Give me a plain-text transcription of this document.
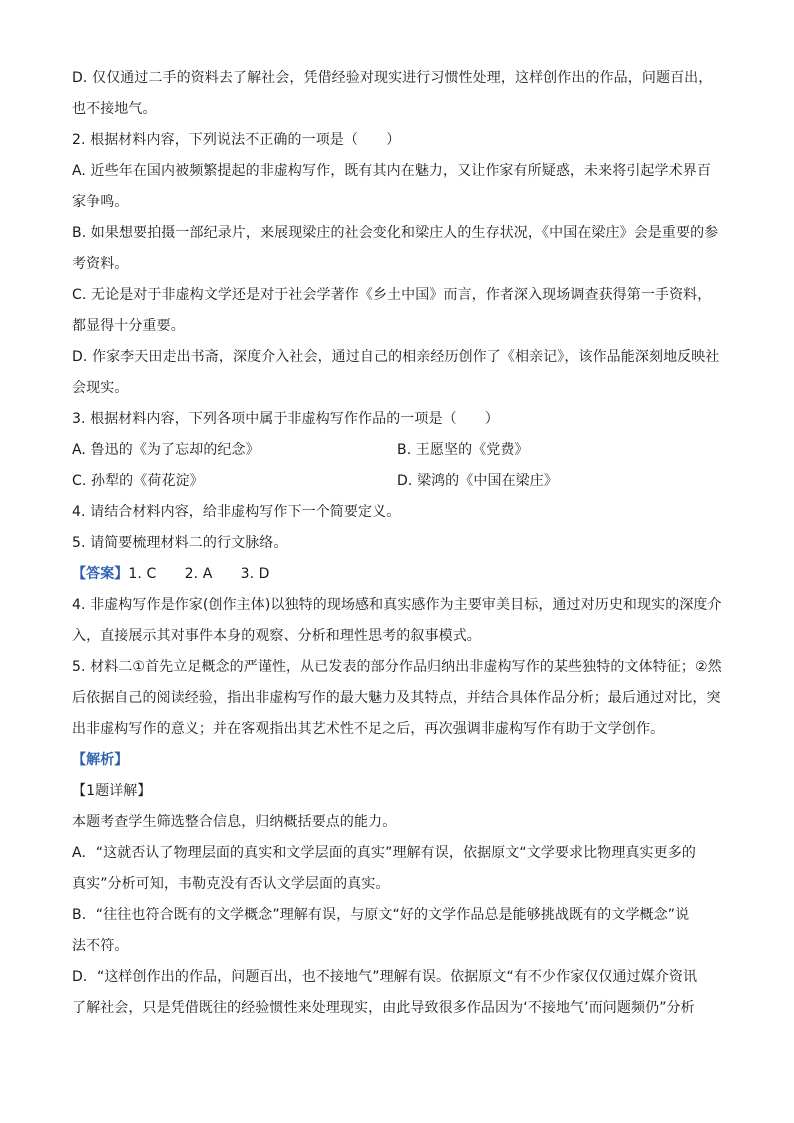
D. 仅仅通过二手的资料去了解社会，凭借经验对现实进行习惯性处理，这样创作出的作品，问题百出，
也不接地气。
2. 根据材料内容，下列说法不正确的一项是（　　）
A. 近些年在国内被频繁提起的非虚构写作，既有其内在魅力，又让作家有所疑惑，未来将引起学术界百
家争鸣。
B. 如果想要拍摄一部纪录片，来展现梁庄的社会变化和梁庄人的生存状况，《中国在梁庄》会是重要的参
考资料。
C. 无论是对于非虚构文学还是对于社会学著作《乡土中国》而言，作者深入现场调查获得第一手资料，
都显得十分重要。
D. 作家李天田走出书斋，深度介入社会，通过自己的相亲经历创作了《相亲记》，该作品能深刻地反映社
会现实。
3. 根据材料内容，下列各项中属于非虚构写作作品的一项是（　　）
A. 鲁迅的《为了忘却的纪念》	B. 王愿坚的《党费》
C. 孙犁的《荷花淀》	D. 梁鸿的《中国在梁庄》
4. 请结合材料内容，给非虚构写作下一个简要定义。
5. 请简要梳理材料二的行文脉络。
【答案】1. C　　2. A　　3. D
4. 非虚构写作是作家(创作主体)以独特的现场感和真实感作为主要审美目标，通过对历史和现实的深度介
入，直接展示其对事件本身的观察、分析和理性思考的叙事模式。
5. 材料二①首先立足概念的严谨性，从已发表的部分作品归纳出非虚构写作的某些独特的文体特征；②然
后依据自己的阅读经验，指出非虚构写作的最大魅力及其特点，并结合具体作品分析；最后通过对比，突
出非虚构写作的意义；并在客观指出其艺术性不足之后，再次强调非虚构写作有助于文学创作。
【解析】
【1题详解】
本题考查学生筛选整合信息，归纳概括要点的能力。
A．“这就否认了物理层面的真实和文学层面的真实”理解有误，依据原文“文学要求比物理真实更多的
真实”分析可知，韦勒克没有否认文学层面的真实。
B．“往往也符合既有的文学概念”理解有误，与原文“好的文学作品总是能够挑战既有的文学概念”说
法不符。
D．“这样创作出的作品，问题百出，也不接地气”理解有误。依据原文“有不少作家仅仅通过媒介资讯
了解社会，只是凭借既往的经验惯性来处理现实，由此导致很多作品因为‘不接地气’而问题频仍”分析
